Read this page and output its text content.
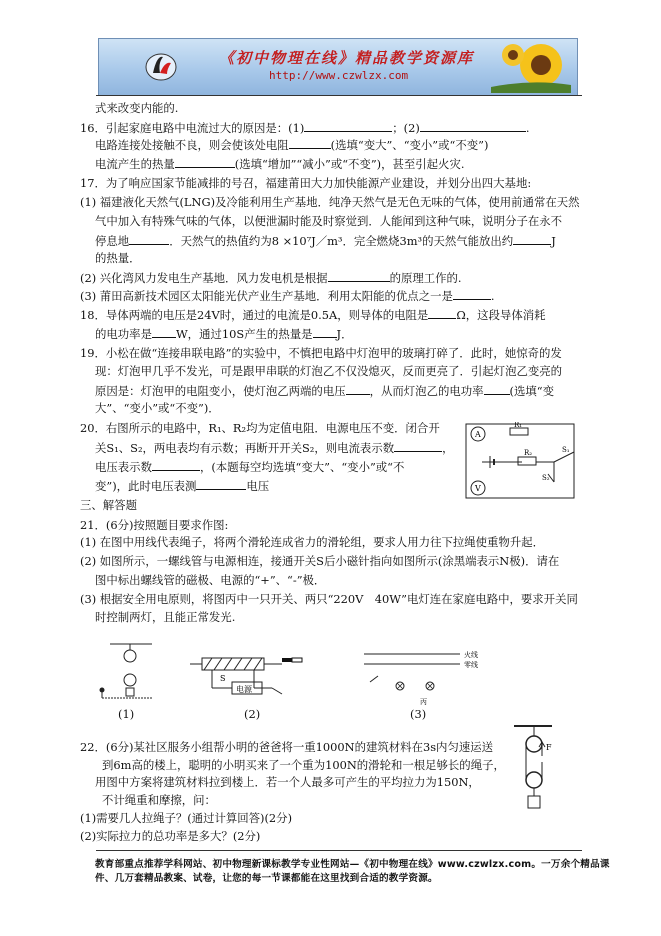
《初中物理在线》精品教学资源库
http://www.czwlzx.com
式来改变内能的.
16．引起家庭电路中电流过大的原因是：(1)	；(2)	.
电路连接处接触不良，则会使该处电阻	(选填“变大”、“变小”或“不变”)
电流产生的热量	(选填“增加”“减小”或“不变”)，甚至引起火灾.
17．为了响应国家节能减排的号召，福建莆田大力加快能源产业建设，并划分出四大基地:
(1) 福建液化天然气(LNG)及冷能利用生产基地．纯净天然气是无色无味的气体，使用前通常在天然
气中加入有特殊气味的气体，以便泄漏时能及时察觉到．人能闻到这种气味，说明分子在永不
停息地	．天然气的热值约为8 ×10⁷J／m³．完全燃烧3m³的天然气能放出约	J
的热量．
(2) 兴化湾风力发电生产基地．风力发电机是根据	的原理工作的.
(3) 莆田高新技术园区太阳能光伏产业生产基地．利用太阳能的优点之一是	.
18．导体两端的电压是24V时，通过的电流是0.5A，则导体的电阻是 Ω，这段导体消耗
的电功率是 W，通过10S产生的热量是 J．
19．小松在做“连接串联电路”的实验中，不慎把电路中灯泡甲的玻璃打碎了．此时，她惊奇的发
现：灯泡甲几乎不发光，可是跟甲串联的灯泡乙不仅没熄灭，反而更亮了．引起灯泡乙变亮的
原因是：灯泡甲的电阻变小，使灯泡乙两端的电压 ，从而灯泡乙的电功率 (选填“变
大”、“变小”或“不变”)．
20．右图所示的电路中，R₁、R₂均为定值电阻．电源电压不变．闭合开
关S₁、S₂，两电表均有示数；再断开开关S₂，则电流表示数	，
电压表示数	，(本题每空均选填“变大”、“变小”或“不
变”)，此时电压表测	电压
A
R₁
R₂	S₁
S₂
V
三、解答题
21．(6分)按照题目要求作图:
(1) 在图中用线代表绳子，将两个滑轮连成省力的滑轮组，要求人用力往下拉绳使重物升起．
(2) 如图所示，一螺线管与电源相连，接通开关S后小磁针指向如图所示(涂黑端表示N极)．请在
图中标出螺线管的磁极、电源的“+”、“-”极．
(3) 根据安全用电原则，将图丙中一只开关、两只“220V　40W”电灯连在家庭电路中，要求开关同
时控制两灯，且能正常发光.
S
电源
火线
零线
丙
(1)	(2)	(3)
22．(6分)某社区服务小组帮小明的爸爸将一重1000N的建筑材料在3s内匀速运送
到6m高的楼上，聪明的小明买来了一个重为100N的滑轮和一根足够长的绳子，
用图中方案将建筑材料拉到楼上．若一个人最多可产生的平均拉力为150N，
不计绳重和摩擦，问：
(1)需要几人拉绳子？(通过计算回答)(2分)
(2)实际拉力的总功率是多大？(2分)
F
教育部重点推荐学科网站、初中物理新课标教学专业性网站—《初中物理在线》www.czwlzx.com。一万余个精品课
件、几万套精品教案、试卷，让您的每一节课都能在这里找到合适的教学资源。
